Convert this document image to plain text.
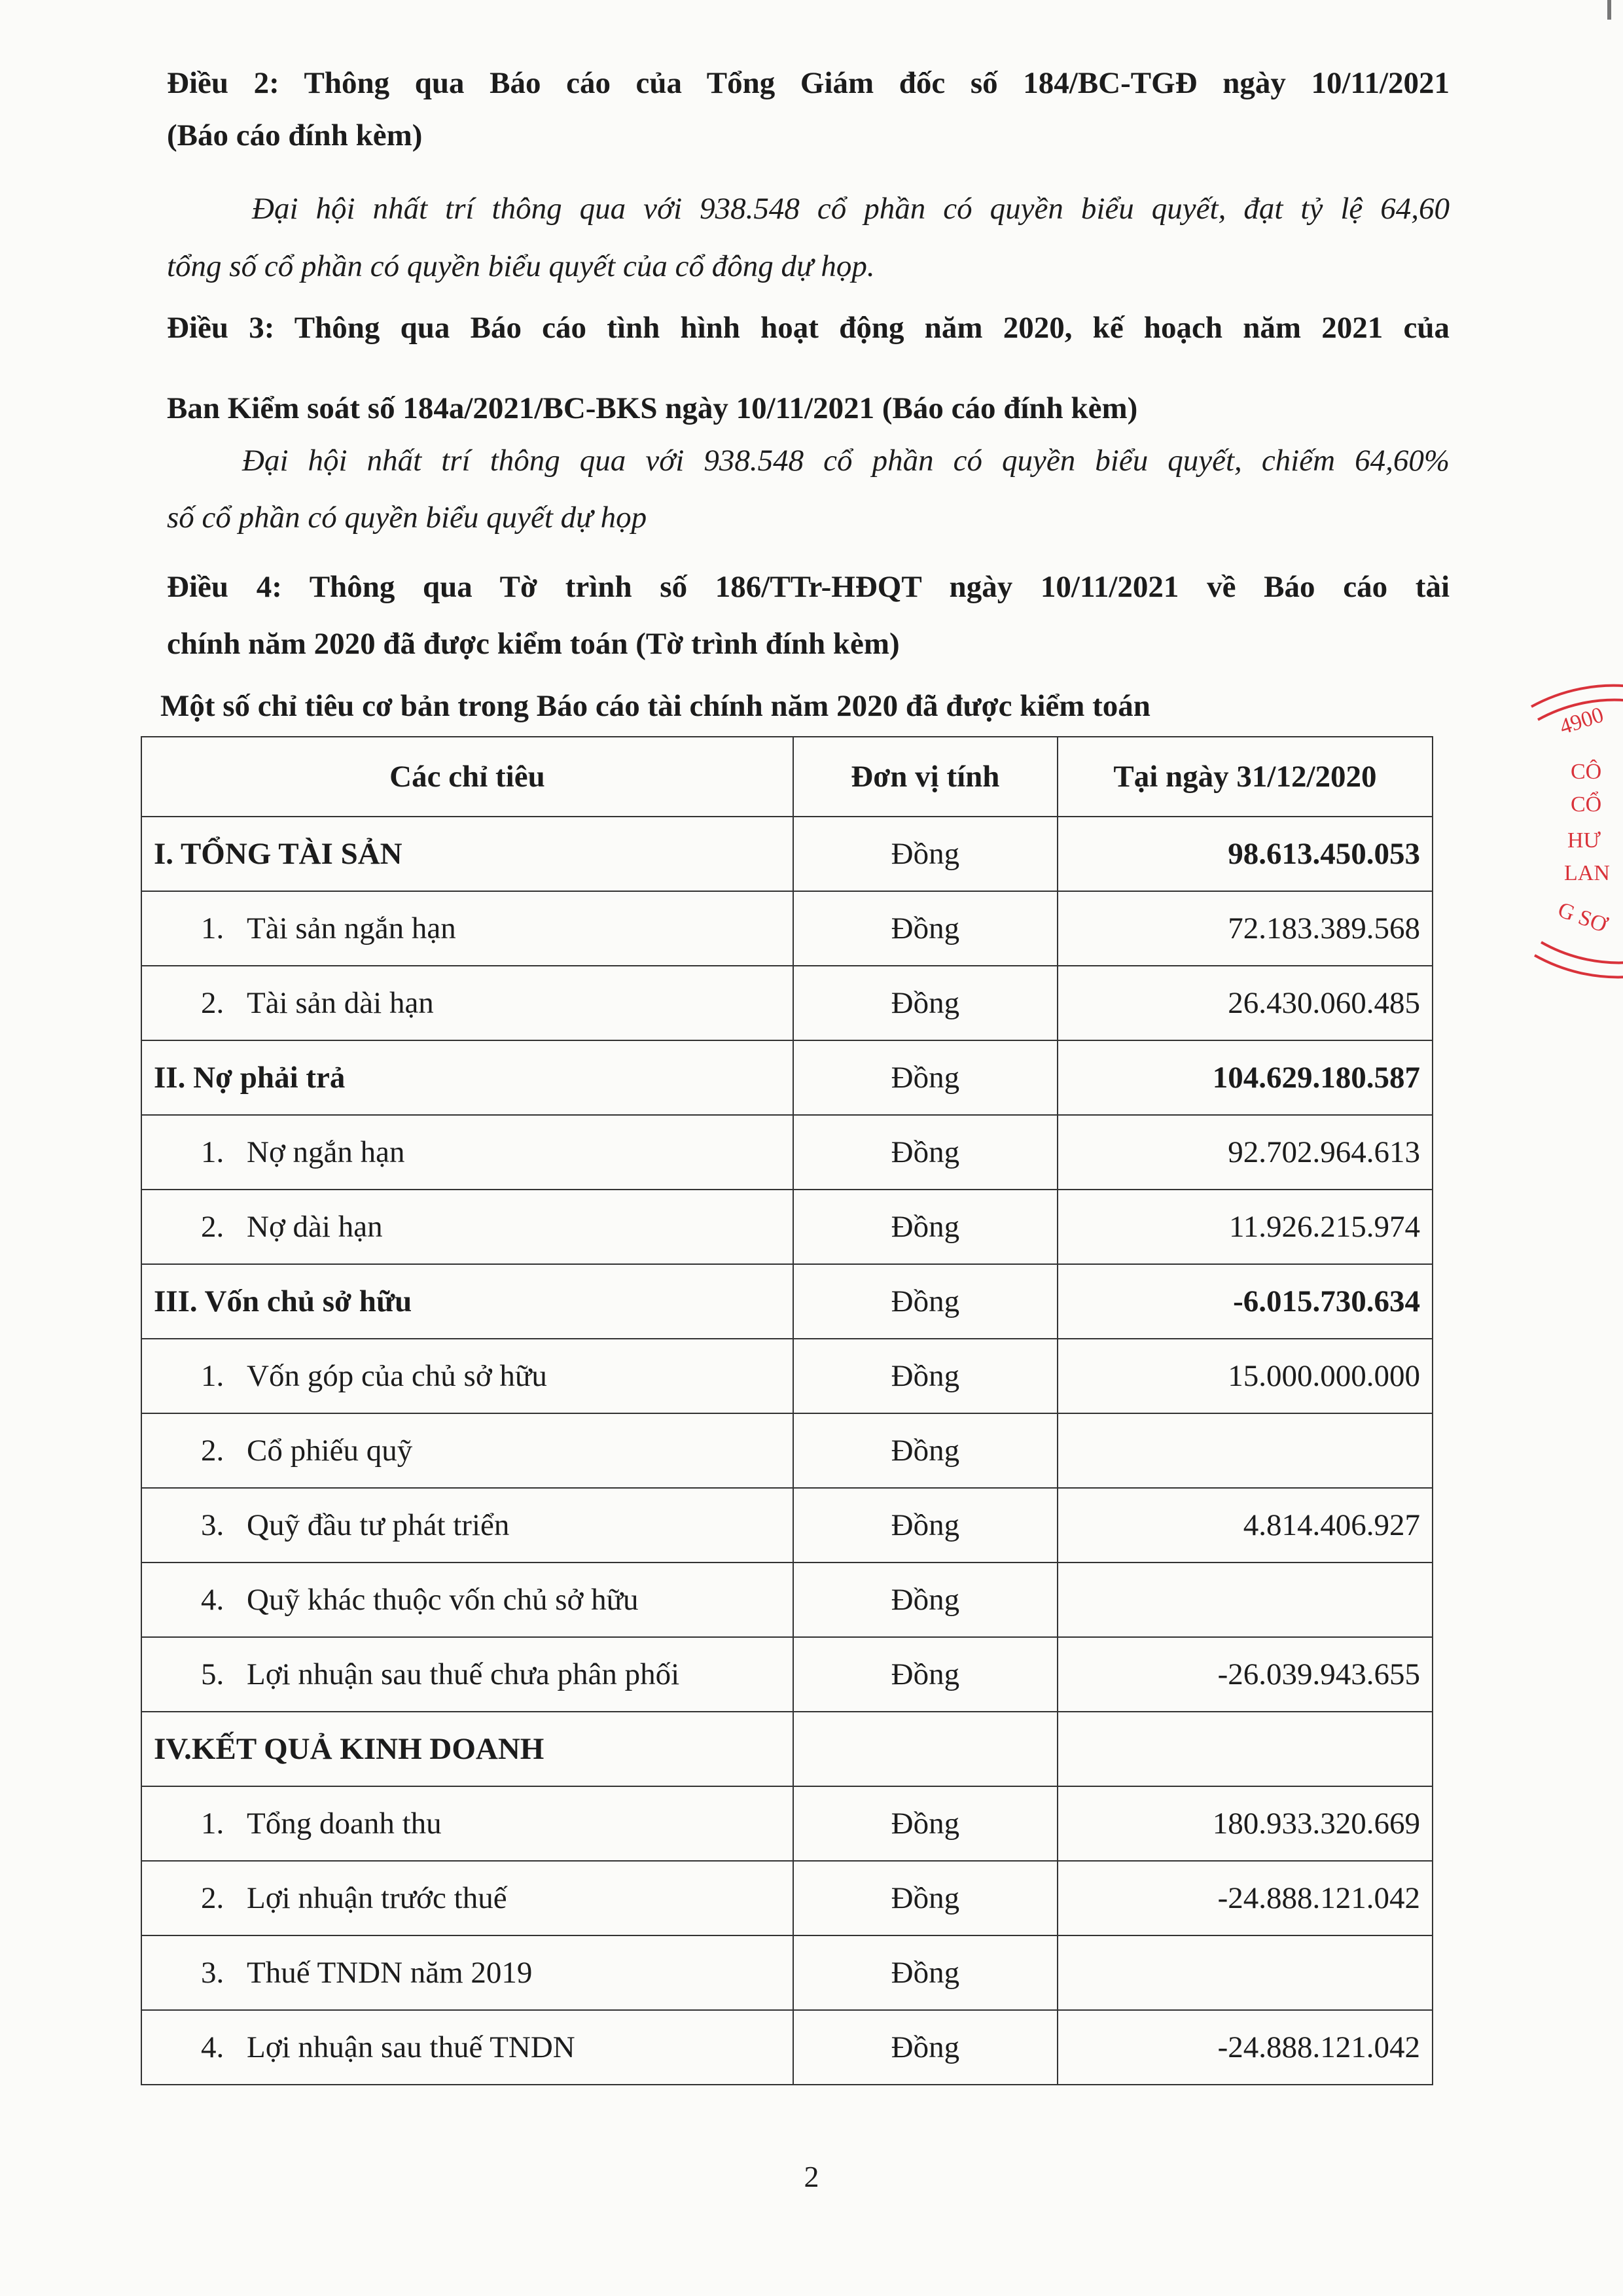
Điều 2: Thông qua Báo cáo của Tổng Giám đốc số 184/BC-TGĐ ngày 10/11/2021
(Báo cáo đính kèm)
Đại hội nhất trí thông qua với 938.548 cổ phần có quyền biểu quyết, đạt tỷ lệ 64,60
tổng số cổ phần có quyền biểu quyết của cổ đông dự họp.
Điều 3: Thông qua Báo cáo tình hình hoạt động năm 2020, kế hoạch năm 2021 của
Ban Kiểm soát số 184a/2021/BC-BKS ngày 10/11/2021 (Báo cáo đính kèm)
Đại hội nhất trí thông qua với 938.548 cổ phần có quyền biểu quyết, chiếm 64,60%
số cổ phần có quyền biểu quyết dự họp
Điều 4: Thông qua Tờ trình số 186/TTr-HĐQT ngày 10/11/2021 về Báo cáo tài
chính năm 2020 đã được kiểm toán (Tờ trình đính kèm)
Một số chỉ tiêu cơ bản trong Báo cáo tài chính năm 2020 đã được kiểm toán
Các chỉ tiêu	Đơn vị tính	Tại ngày 31/12/2020
I. TỔNG TÀI SẢN	Đồng	98.613.450.053
1. Tài sản ngắn hạn	Đồng	72.183.389.568
2. Tài sản dài hạn	Đồng	26.430.060.485
II. Nợ phải trả	Đồng	104.629.180.587
1. Nợ ngắn hạn	Đồng	92.702.964.613
2. Nợ dài hạn	Đồng	11.926.215.974
III. Vốn chủ sở hữu	Đồng	-6.015.730.634
1. Vốn góp của chủ sở hữu	Đồng	15.000.000.000
2. Cổ phiếu quỹ	Đồng	
3. Quỹ đầu tư phát triển	Đồng	4.814.406.927
4. Quỹ khác thuộc vốn chủ sở hữu	Đồng	
5. Lợi nhuận sau thuế chưa phân phối	Đồng	-26.039.943.655
IV.KẾT QUẢ KINH DOANH		
1. Tổng doanh thu	Đồng	180.933.320.669
2. Lợi nhuận trước thuế	Đồng	-24.888.121.042
3. Thuế TNDN năm 2019	Đồng	
4. Lợi nhuận sau thuế TNDN	Đồng	-24.888.121.042
2
4900
CÔ
CỔ
HƯ
LAN
G SƠ
